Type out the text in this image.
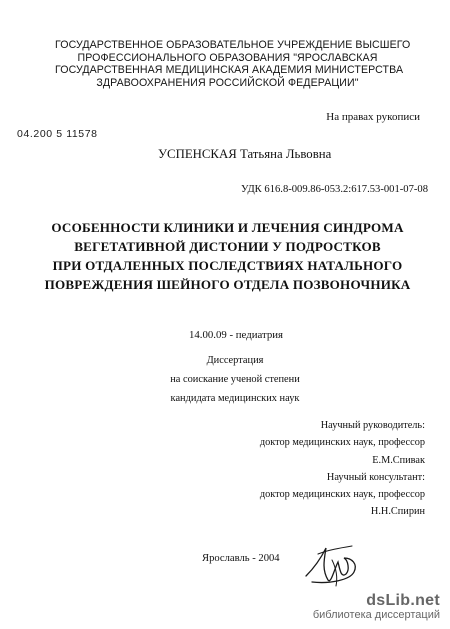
ГОСУДАРСТВЕННОЕ ОБРАЗОВАТЕЛЬНОЕ УЧРЕЖДЕНИЕ ВЫСШЕГО
ПРОФЕССИОНАЛЬНОГО ОБРАЗОВАНИЯ "ЯРОСЛАВСКАЯ
ГОСУДАРСТВЕННАЯ МЕДИЦИНСКАЯ АКАДЕМИЯ МИНИСТЕРСТВА
ЗДРАВООХРАНЕНИЯ РОССИЙСКОЙ ФЕДЕРАЦИИ"
На правах рукописи
04.200 5 11578
УСПЕНСКАЯ Татьяна Львовна
УДК 616.8-009.86-053.2:617.53-001-07-08
ОСОБЕННОСТИ КЛИНИКИ И ЛЕЧЕНИЯ СИНДРОМА
ВЕГЕТАТИВНОЙ ДИСТОНИИ У ПОДРОСТКОВ
ПРИ ОТДАЛЕННЫХ ПОСЛЕДСТВИЯХ НАТАЛЬНОГО
ПОВРЕЖДЕНИЯ ШЕЙНОГО ОТДЕЛА ПОЗВОНОЧНИКА
14.00.09 - педиатрия
Диссертация
на соискание ученой степени
кандидата медицинских наук
Научный руководитель:
доктор медицинских наук, профессор
Е.М.Спивак
Научный консультант:
доктор медицинских наук, профессор
Н.Н.Спирин
Ярославль - 2004
dsLib.net
библиотека диссертаций
